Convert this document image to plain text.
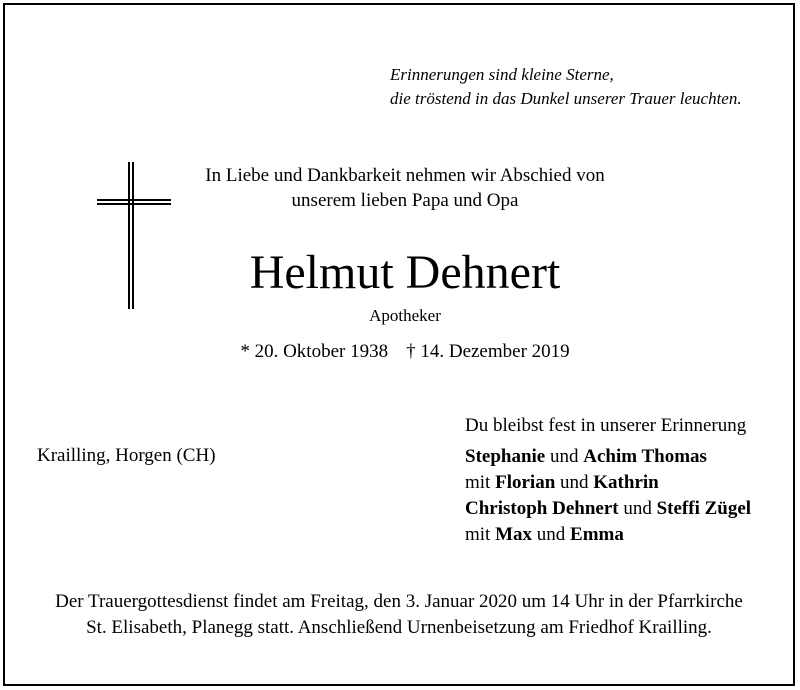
Erinnerungen sind kleine Sterne,
die tröstend in das Dunkel unserer Trauer leuchten.
In Liebe und Dankbarkeit nehmen wir Abschied von
unserem lieben Papa und Opa
Helmut Dehnert
Apotheker
* 20. Oktober 1938 † 14. Dezember 2019
Krailling, Horgen (CH)
Du bleibst fest in unserer Erinnerung
Stephanie und Achim Thomas
mit Florian und Kathrin
Christoph Dehnert und Steffi Zügel
mit Max und Emma
Der Trauergottesdienst findet am Freitag, den 3. Januar 2020 um 14 Uhr in der Pfarrkirche
St. Elisabeth, Planegg statt. Anschließend Urnenbeisetzung am Friedhof Krailling.
